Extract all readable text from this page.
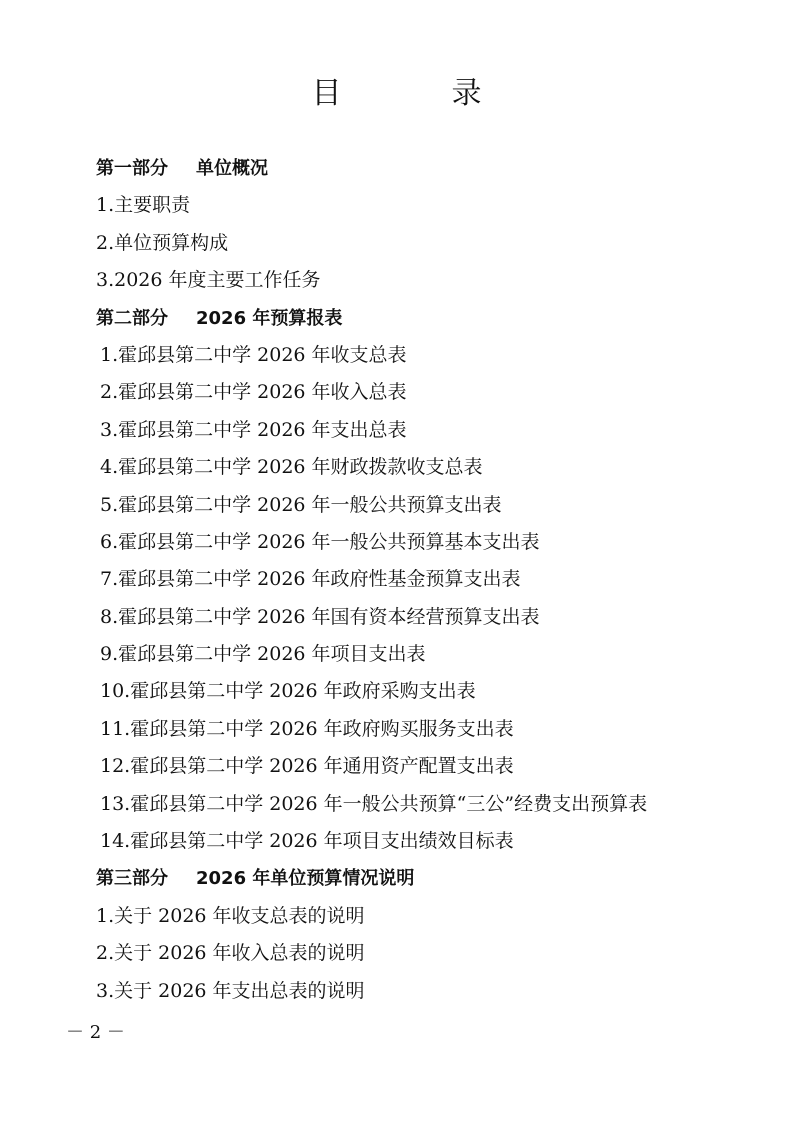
目　录
第一部分 单位概况
1.主要职责
2.单位预算构成
3.2026 年度主要工作任务
第二部分 2026 年预算报表
1.霍邱县第二中学 2026 年收支总表
2.霍邱县第二中学 2026 年收入总表
3.霍邱县第二中学 2026 年支出总表
4.霍邱县第二中学 2026 年财政拨款收支总表
5.霍邱县第二中学 2026 年一般公共预算支出表
6.霍邱县第二中学 2026 年一般公共预算基本支出表
7.霍邱县第二中学 2026 年政府性基金预算支出表
8.霍邱县第二中学 2026 年国有资本经营预算支出表
9.霍邱县第二中学 2026 年项目支出表
10.霍邱县第二中学 2026 年政府采购支出表
11.霍邱县第二中学 2026 年政府购买服务支出表
12.霍邱县第二中学 2026 年通用资产配置支出表
13.霍邱县第二中学 2026 年一般公共预算“三公”经费支出预算表
14.霍邱县第二中学 2026 年项目支出绩效目标表
第三部分 2026 年单位预算情况说明
1.关于 2026 年收支总表的说明
2.关于 2026 年收入总表的说明
3.关于 2026 年支出总表的说明
－ 2 －
